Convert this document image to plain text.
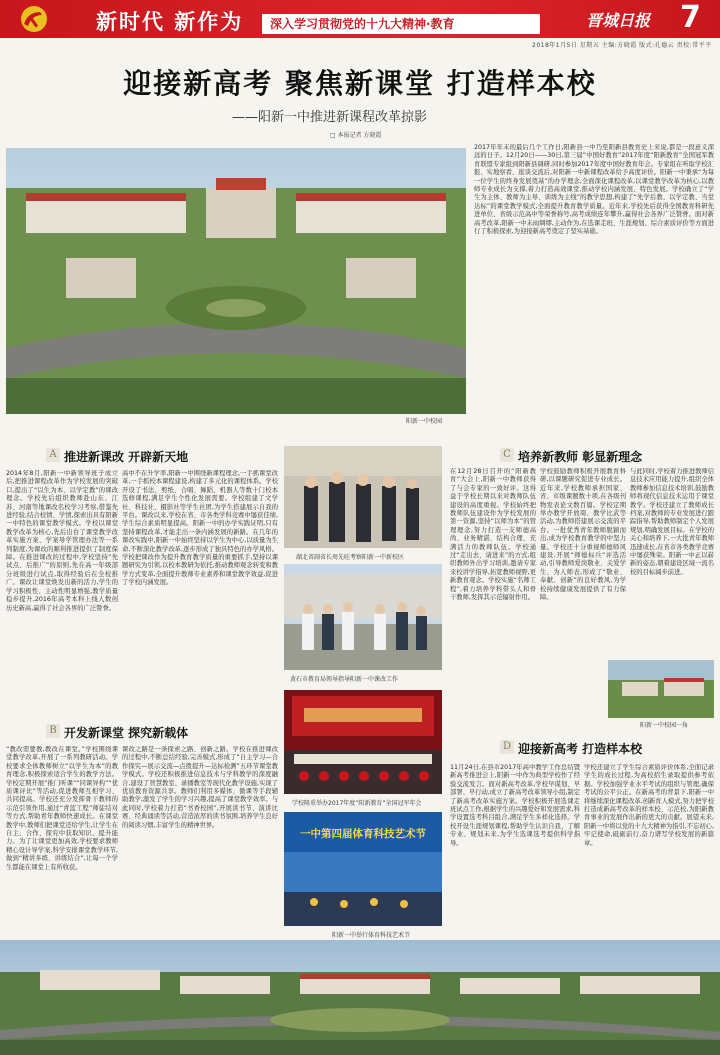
新时代 新作为	深入学习贯彻党的十九大精神·教育	晋城日报 7
2018年1月5日 星期五 主编:方晓霞 版式:孔德云 责校:常平平
迎接新高考 聚焦新课堂 打造样本校
——阳新一中推进新课程改革掠影
□ 本报记者 方晓霞
阳新一中校园
2017年年末的最后几个工作日,阳新县一中乃至阳新县教育史上来说,都是一段意义深远的日子。12月20日——30日,第三届“中国好教育”2017年度“阳新教育”全国冠军教育联盟专家组到阳新县调研,同时参加2017年度中国好教育年会。专家组在听取学校汇报、实地察看、座谈交流后,对阳新一中新课程改革给予高度评价。阳新一中秉承“为每一位学生的终身发展奠基”的办学理念,全面深化课程改革,以课堂教学改革为核心,以教师专业成长为支撑,着力打造高效课堂,推动学校内涵发展、特色发展。学校确立了“学生为主体、教师为主导、训练为主线”的教学思想,构建了“先学后教、以学定教、当堂达标”的课堂教学模式,全面提升教育教学质量。近年来,学校先后获得全国教育科研先进单位、省级示范高中等荣誉称号,高考成绩连年攀升,赢得社会各界广泛赞誉。面对新高考改革,阳新一中未雨绸缪,主动作为,在选课走班、生涯规划、综合素质评价等方面进行了积极探索,为迎接新高考奠定了坚实基础。
A 推进新课改 开辟新天地
2014年8月,阳新一中新领导班子成立后,把推进课程改革作为学校发展的突破口,提出了“以生为本、以学定教”的课改理念。学校先后组织教师赴山东、江苏、河南等地课改名校学习考察,借鉴先进经验,结合校情、学情,探索出具有阳新一中特色的课堂教学模式。学校以课堂教学改革为核心,先后出台了课堂教学改革实施方案、学案导学管理办法等一系列制度,为课改的顺利推进提供了制度保障。在推进课改的过程中,学校坚持“先试点、后推广”的原则,先在高一年级部分班级进行试点,取得经验后在全校推广。课改让课堂焕发出新的活力,学生的学习积极性、主动性明显增强,教学质量稳步提升,2016年高考本科上线人数创历史新高,赢得了社会各界的广泛赞誉。
高中不在升学率,阳新一中围绕新课程理念,一手抓课堂改革,一手抓校本课程建设,构建了多元化的课程体系。学校开设了书法、剪纸、合唱、舞蹈、机器人等数十门校本选修课程,满足学生个性化发展需要。学校组建了文学社、科技社、摄影社等学生社团,为学生搭建展示自我的平台。课改以来,学校在省、市各类学科竞赛中屡获佳绩,学生综合素质明显提高。阳新一中的办学实践证明,只有坚持课程改革,才能走出一条内涵发展的新路。在几年的课改实践中,阳新一中始终坚持以学生为中心,以质量为生命,不断深化教学改革,逐步形成了独具特色的办学风格。学校把课改作为提升教育教学质量的重要抓手,坚持以课题研究为引领,以校本教研为依托,推动教师观念转变和教学方式变革,全面提升教师专业素养和课堂教学效益,促进了学校内涵发展。
B 开发新课堂 探究新载体
“教改需要教,教改在课堂。”学校围绕课堂教学改革,开展了一系列教研活动。学校要求全体教师树立“以学生为本”的教育理念,积极探索适合学生的教学方法。学校定期开展“推门听课”“同课异构”“优质课评比”等活动,促进教师互相学习、共同提高。学校还充分发挥骨干教师的示范引领作用,通过“青蓝工程”师徒结对等方式,帮助青年教师快速成长。在课堂教学中,教师们把课堂还给学生,让学生在自主、合作、探究中获取知识、提升能力。为了让课堂更加高效,学校要求教师精心设计导学案,科学安排课堂教学环节,做到“精讲多练、讲练结合”,让每一个学生都能在课堂上有所收获。
课改之路是一条探索之路、创新之路。学校在推进课改的过程中,不断总结经验,完善模式,形成了“自主学习—合作探究—展示交流—点拨提升—达标检测”五环节课堂教学模式。学校还积极推进信息技术与学科教学的深度融合,建设了智慧教室、录播教室等现代化教学设施,实现了优质教育资源共享。教师们利用多媒体、微课等手段辅助教学,激发了学生的学习兴趣,提高了课堂教学效率。与此同时,学校着力打造“书香校园”,开展读书节、演讲比赛、经典诵读等活动,营造浓厚的读书氛围,培养学生良好的阅读习惯,丰富学生的精神世界。
湖北省副省长周先旺考察阳新一中新校区
黄石市教育局领导指导阳新一中课改工作
学校隆重举办2017年度“阳新教育”全国冠军年会
一中第四届体育科技艺术节
阳新一中举行体育科技艺术节
C 培养新教师 彰显新理念
在12月28日召开的“阳新教育”大会上,阳新一中教师获得了与会专家的一致好评。这得益于学校长期以来对教师队伍建设的高度重视。学校始终把教师队伍建设作为学校发展的第一资源,坚持“以师为本”的管理理念,努力打造一支师德高尚、业务精湛、结构合理、充满活力的教师队伍。学校通过“走出去、请进来”的方式,组织教师外出学习培训,邀请专家来校讲学指导,拓宽教师视野,更新教育观念。学校实施“名师工程”,着力培养学科带头人和骨干教师,发挥其示范辐射作用。
学校鼓励教师积极开展教育科研,以课题研究促进专业成长。近年来,学校教师承担国家、省、市级课题数十项,在各级刊物发表论文数百篇。学校定期举办教学开放周、教学比武等活动,为教师搭建展示交流的平台。一批优秀青年教师脱颖而出,成为学校教育教学的中坚力量。学校还十分重视师德师风建设,开展“师德标兵”评选活动,引导教师爱岗敬业、关爱学生、为人师表,形成了“敬业、奉献、创新”的良好教风,为学校持续健康发展提供了有力保障。
与此同时,学校着力推进教师信息技术应用能力提升,组织全体教师参加信息技术培训,鼓励教师将现代信息技术运用于课堂教学。学校还建立了教师成长档案,对教师的专业发展进行跟踪指导,帮助教师制定个人发展规划,明确发展目标。在学校的关心和培养下,一大批青年教师迅速成长,在省市各类教学竞赛中屡获殊荣。阳新一中正以崭新的姿态,朝着建设区域一流名校的目标阔步前进。
阳新一中校园一角
D 迎接新高考 打造样本校
11月24日,在县市2017年高中教学工作总结暨新高考推进会上,阳新一中作为典型学校作了经验交流发言。面对新高考改革,学校早谋划、早部署、早行动,成立了新高考改革领导小组,制定了新高考改革实施方案。学校积极开展选课走班试点工作,根据学生的兴趣爱好和发展需求,科学设置选考科目组合,满足学生多样化选择。学校开设生涯规划课程,帮助学生认识自我、了解专业、规划未来,为学生选课选考提供科学指导。
学校还建立了学生综合素质评价体系,全面记录学生的成长过程,为高校招生录取提供参考依据。学校加强学业水平考试的组织与管理,确保考试的公平公正。在新高考的背景下,阳新一中将继续深化课程改革,创新育人模式,努力把学校打造成新高考改革的样本校、示范校,为阳新教育事业的发展作出新的更大的贡献。展望未来,阳新一中将以党的十九大精神为指引,不忘初心,牢记使命,砥砺前行,奋力谱写学校发展的新篇章。
